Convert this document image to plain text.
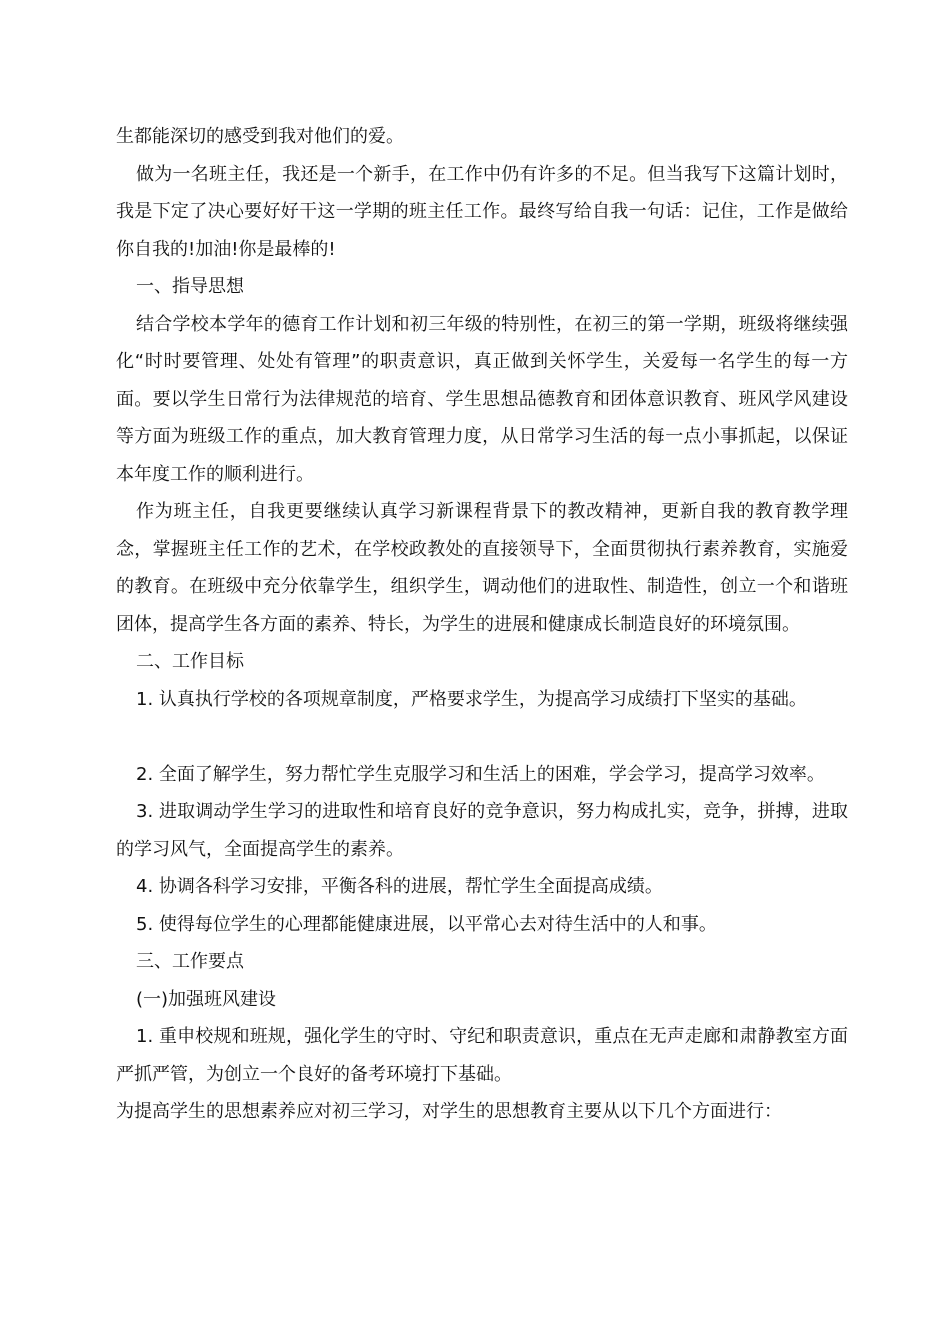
生都能深切的感受到我对他们的爱。

做为一名班主任，我还是一个新手，在工作中仍有许多的不足。但当我写下这篇计划时，我是下定了决心要好好干这一学期的班主任工作。最终写给自我一句话：记住，工作是做给你自我的!加油!你是最棒的!

一、指导思想

结合学校本学年的德育工作计划和初三年级的特别性，在初三的第一学期，班级将继续强化“时时要管理、处处有管理”的职责意识，真正做到关怀学生，关爱每一名学生的每一方面。要以学生日常行为法律规范的培育、学生思想品德教育和团体意识教育、班风学风建设等方面为班级工作的重点，加大教育管理力度，从日常学习生活的每一点小事抓起，以保证本年度工作的顺利进行。

作为班主任，自我更要继续认真学习新课程背景下的教改精神，更新自我的教育教学理念，掌握班主任工作的艺术，在学校政教处的直接领导下，全面贯彻执行素养教育，实施爱的教育。在班级中充分依靠学生，组织学生，调动他们的进取性、制造性，创立一个和谐班团体，提高学生各方面的素养、特长，为学生的进展和健康成长制造良好的环境氛围。

二、工作目标

1. 认真执行学校的各项规章制度，严格要求学生，为提高学习成绩打下坚实的基础。

2. 全面了解学生，努力帮忙学生克服学习和生活上的困难，学会学习，提高学习效率。

3. 进取调动学生学习的进取性和培育良好的竞争意识，努力构成扎实，竞争，拼搏，进取的学习风气，全面提高学生的素养。

4. 协调各科学习安排，平衡各科的进展，帮忙学生全面提高成绩。

5. 使得每位学生的心理都能健康进展，以平常心去对待生活中的人和事。

三、工作要点

(一)加强班风建设

1. 重申校规和班规，强化学生的守时、守纪和职责意识，重点在无声走廊和肃静教室方面严抓严管，为创立一个良好的备考环境打下基础。

为提高学生的思想素养应对初三学习，对学生的思想教育主要从以下几个方面进行：
